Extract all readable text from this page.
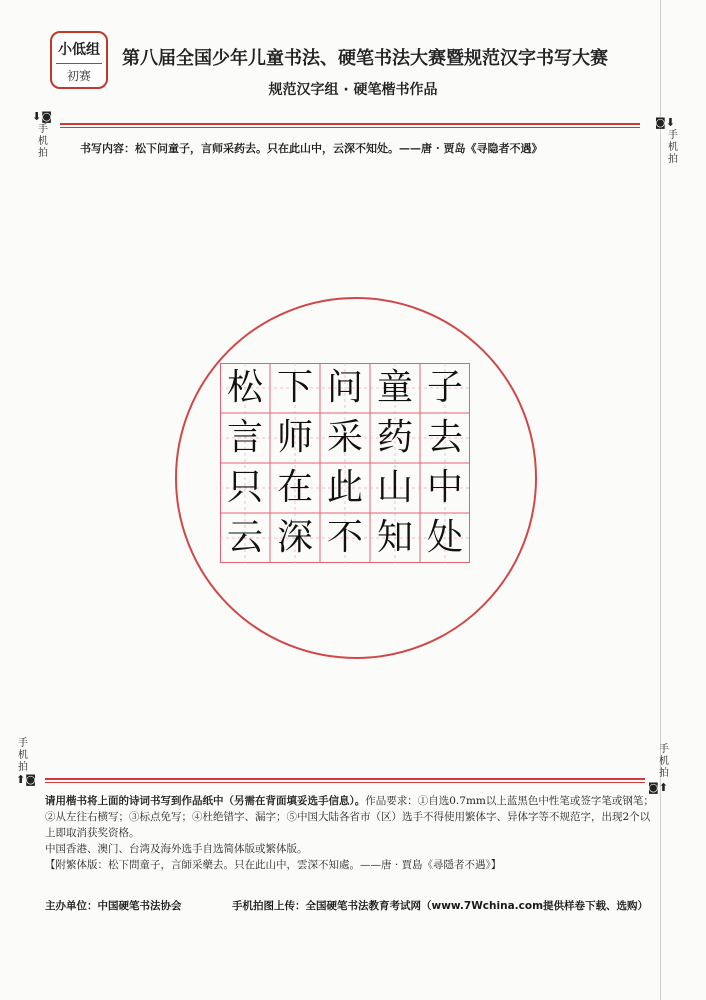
小低组
初赛
第八届全国少年儿童书法、硬笔书法大赛暨规范汉字书写大赛
规范汉字组 · 硬笔楷书作品
⬇◙
手机拍
◙⬇
手机拍
书写内容：松下问童子，言师采药去。只在此山中，云深不知处。——唐 · 贾岛《寻隐者不遇》
松 下 问 童 子
言 师 采 药 去
只 在 此 山 中
云 深 不 知 处
手机拍
⬆◙
手机拍
◙⬆

请用楷书将上面的诗词书写到作品纸中（另需在背面填妥选手信息）。作品要求：①自选0.7mm以上蓝黑色中性笔或签字笔或钢笔；②从左往右横写；③标点免写；④杜绝错字、漏字；⑤中国大陆各省市（区）选手不得使用繁体字、异体字等不规范字，出现2个以上即取消获奖资格。

中国香港、澳门、台湾及海外选手自选简体版或繁体版。

【附繁体版：松下問童子，言師采藥去。只在此山中，雲深不知處。——唐 · 賈島《尋隱者不遇》】

主办单位：中国硬笔书法协会	手机拍图上传：全国硬笔书法教育考试网（www.7Wchina.com提供样卷下载、选购）
